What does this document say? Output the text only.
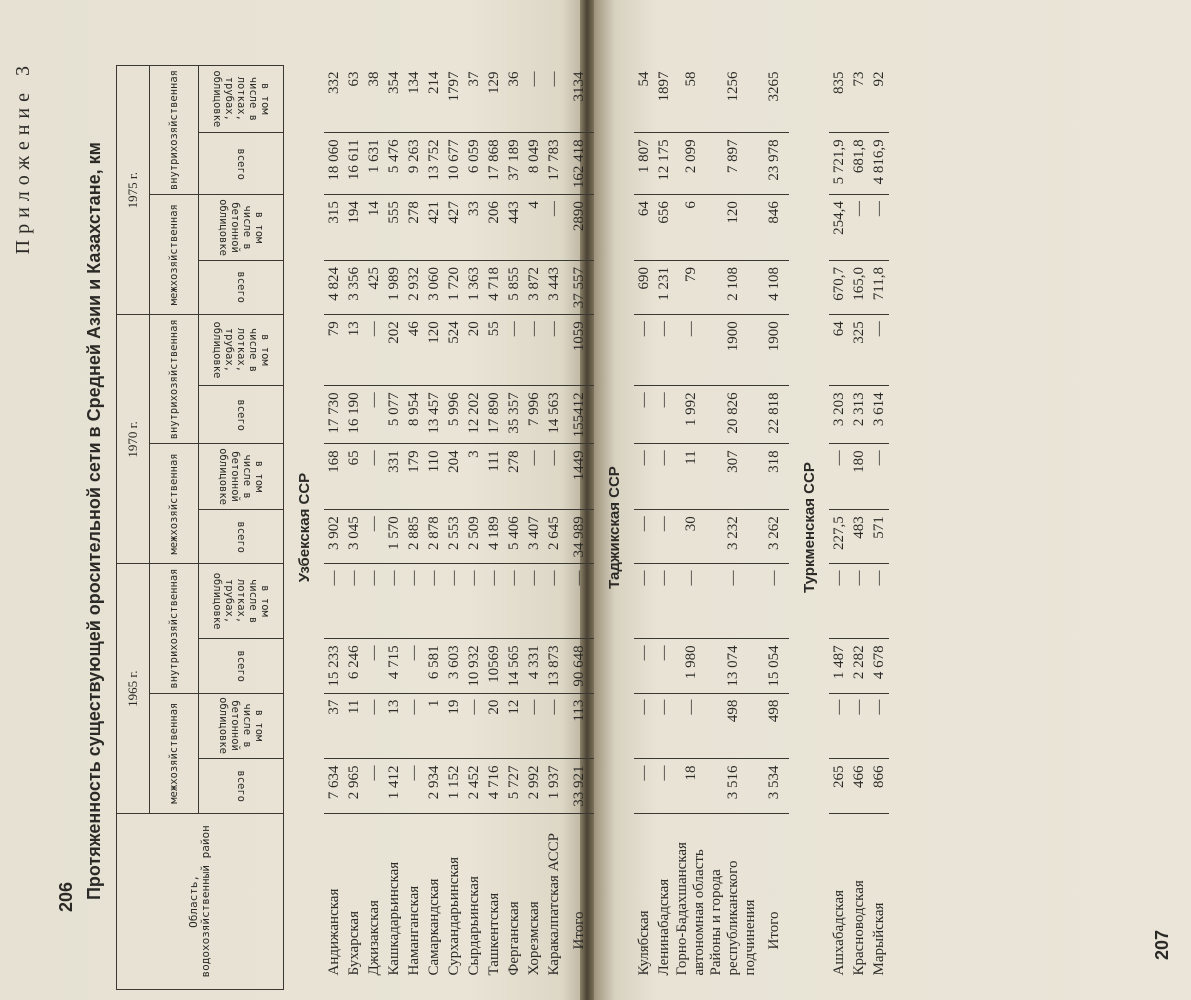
206
Приложение 3	Протяженность существующей оросительной сети в Средней Азии и Казахстане, км
Область, водохозяйственный район	1965 г.				1970 г.				1975 г.			
	межхозяйственная		внутрихозяйственная		межхозяйственная		внутрихозяйственная		межхозяйственная		внутрихозяйственная	
	всего	в том числе в бетонной облицовке	всего	в том числе в лотках, трубах, облицовке	всего	в том числе в бетонной облицовке	всего	в том числе в лотках, трубах, облицовке	всего	в том числе в бетонной облицовке	всего	в том числе в лотках, трубах, облицовке
Узбекская ССР												
Андижанская	7 634	37	15 233	—	3 902	168	17 730	79	4 824	315	18 060	332
Бухарская	2 965	11	6 246	—	3 045	65	16 190	13	3 356	194	16 611	63
Джизакская	—	—	—	—	—	—	—	—	425	14	1 631	38
Кашкадарьинская	1 412	13	4 715	—	1 570	331	5 077	202	1 989	555	5 476	354
Наманганская	—	—	—	—	2 885	179	8 954	46	2 932	278	9 263	134
Самаркандская	2 934	1	6 581	—	2 878	110	13 457	120	3 060	421	13 752	214
Сурхандарьинская	1 152	19	3 603	—	2 553	204	5 996	524	1 720	427	10 677	1797
Сырдарьинская	2 452	—	10 932	—	2 509	3	12 202	20	1 363	33	6 059	37
Ташкентская	4 716	20	10569	—	4 189	111	17 890	55	4 718	206	17 868	129
Ферганская	5 727	12	14 565	—	5 406	278	35 357	—	5 855	443	37 189	36
Хорезмская	2 992	—	4 331	—	3 407	—	7 996	—	3 872	4	8 049	—
Каракалпатская АССР	1 937	—	13 873	—	2 645	—	14 563	—	3 443	—	17 783	—
Итого	33 921	113	90 648	—	34 989	1449	155412	1059	37 557	2890	162 418	3134
Таджикская ССР												
Кулябская	—	—	—	—	—	—	—	—	690	64	1 807	54
Ленинабадская	—	—	—	—	—	—	—	—	1 231	656	12 175	1897
Горно-Бадахшанская автономная область	18	—	1 980	—	30	11	1 992	—	79	6	2 099	58
Районы и города республиканского подчинения	3 516	498	13 074	—	3 232	307	20 826	1900	2 108	120	7 897	1256
Итого	3 534	498	15 054	—	3 262	318	22 818	1900	4 108	846	23 978	3265
Туркменская ССР												
Ашхабадская	265	—	1 487	—	227,5	—	3 203	64	670,7	254,4	5 721,9	835
Красноводская	466	—	2 282	—	483	180	2 313	325	165,0	—	681,8	73
Марыйская	866	—	4 678	—	571	—	3 614	—	711,8	—	4 816,9	92
207
